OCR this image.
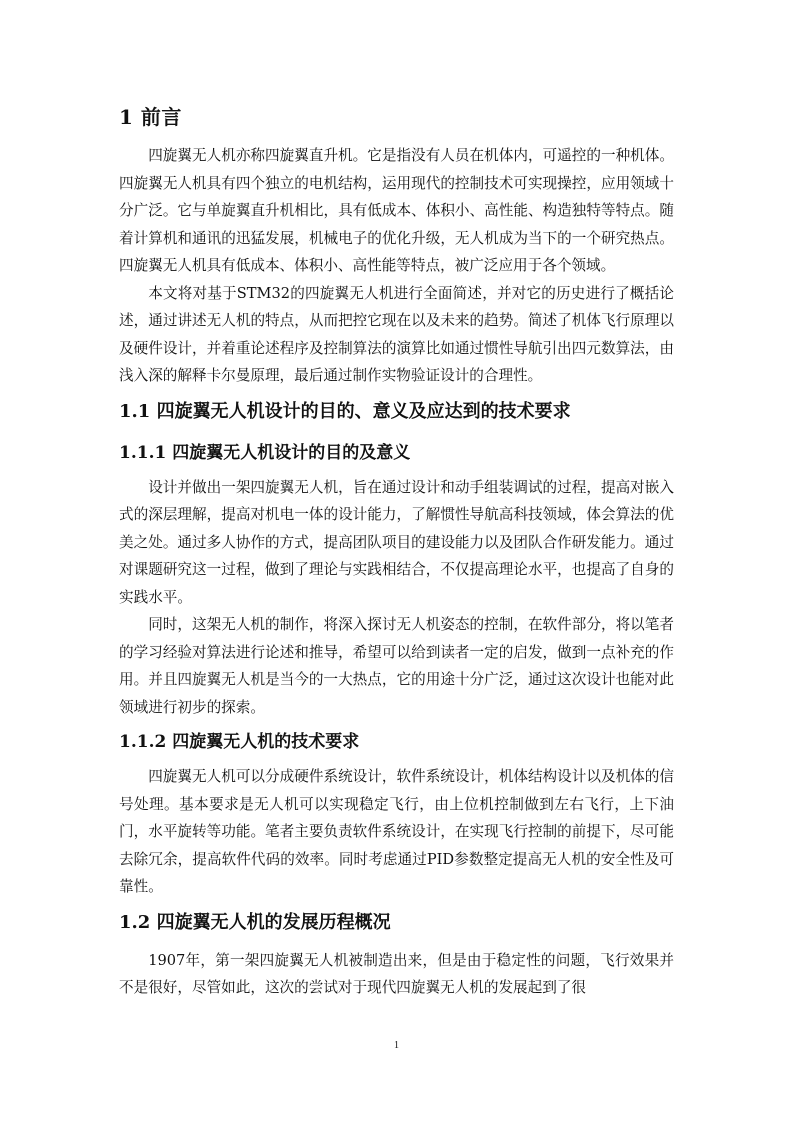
1 前言

四旋翼无人机亦称四旋翼直升机。它是指没有人员在机体内，可遥控的一种机体。四旋翼无人机具有四个独立的电机结构，运用现代的控制技术可实现操控，应用领域十分广泛。它与单旋翼直升机相比，具有低成本、体积小、高性能、构造独特等特点。随着计算机和通讯的迅猛发展，机械电子的优化升级，无人机成为当下的一个研究热点。四旋翼无人机具有低成本、体积小、高性能等特点，被广泛应用于各个领域。

本文将对基于STM32的四旋翼无人机进行全面简述，并对它的历史进行了概括论述，通过讲述无人机的特点，从而把控它现在以及未来的趋势。简述了机体飞行原理以及硬件设计，并着重论述程序及控制算法的演算比如通过惯性导航引出四元数算法，由浅入深的解释卡尔曼原理，最后通过制作实物验证设计的合理性。

1.1 四旋翼无人机设计的目的、意义及应达到的技术要求
1.1.1 四旋翼无人机设计的目的及意义

设计并做出一架四旋翼无人机，旨在通过设计和动手组装调试的过程，提高对嵌入式的深层理解，提高对机电一体的设计能力，了解惯性导航高科技领域，体会算法的优美之处。通过多人协作的方式，提高团队项目的建设能力以及团队合作研发能力。通过对课题研究这一过程，做到了理论与实践相结合，不仅提高理论水平，也提高了自身的实践水平。

同时，这架无人机的制作，将深入探讨无人机姿态的控制，在软件部分，将以笔者的学习经验对算法进行论述和推导，希望可以给到读者一定的启发，做到一点补充的作用。并且四旋翼无人机是当今的一大热点，它的用途十分广泛，通过这次设计也能对此领域进行初步的探索。

1.1.2 四旋翼无人机的技术要求

四旋翼无人机可以分成硬件系统设计，软件系统设计，机体结构设计以及机体的信号处理。基本要求是无人机可以实现稳定飞行，由上位机控制做到左右飞行，上下油门，水平旋转等功能。笔者主要负责软件系统设计，在实现飞行控制的前提下，尽可能去除冗余，提高软件代码的效率。同时考虑通过PID参数整定提高无人机的安全性及可靠性。

1.2 四旋翼无人机的发展历程概况

1907年，第一架四旋翼无人机被制造出来，但是由于稳定性的问题，飞行效果并不是很好，尽管如此，这次的尝试对于现代四旋翼无人机的发展起到了很

1
